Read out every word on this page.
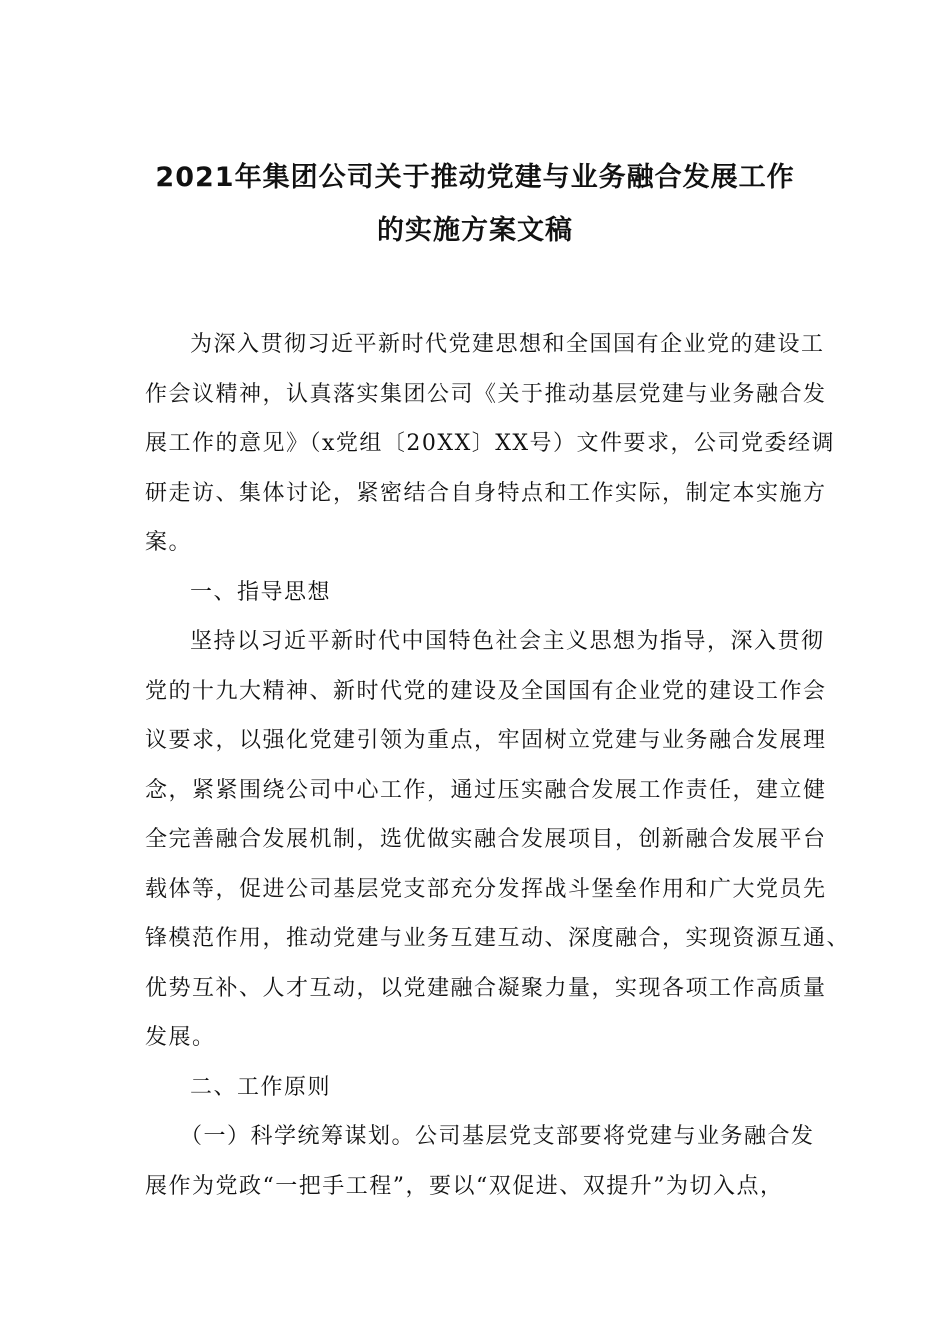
2021年集团公司关于推动党建与业务融合发展工作
的实施方案文稿
为深入贯彻习近平新时代党建思想和全国国有企业党的建设工
作会议精神，认真落实集团公司《关于推动基层党建与业务融合发
展工作的意见》（x党组〔20XX〕XX号）文件要求，公司党委经调
研走访、集体讨论，紧密结合自身特点和工作实际，制定本实施方
案。
一、指导思想
坚持以习近平新时代中国特色社会主义思想为指导，深入贯彻
党的十九大精神、新时代党的建设及全国国有企业党的建设工作会
议要求，以强化党建引领为重点，牢固树立党建与业务融合发展理
念，紧紧围绕公司中心工作，通过压实融合发展工作责任，建立健
全完善融合发展机制，选优做实融合发展项目，创新融合发展平台
载体等，促进公司基层党支部充分发挥战斗堡垒作用和广大党员先
锋模范作用，推动党建与业务互建互动、深度融合，实现资源互通、
优势互补、人才互动，以党建融合凝聚力量，实现各项工作高质量
发展。
二、工作原则
（一）科学统筹谋划。公司基层党支部要将党建与业务融合发
展作为党政“一把手工程”，要以“双促进、双提升”为切入点，
